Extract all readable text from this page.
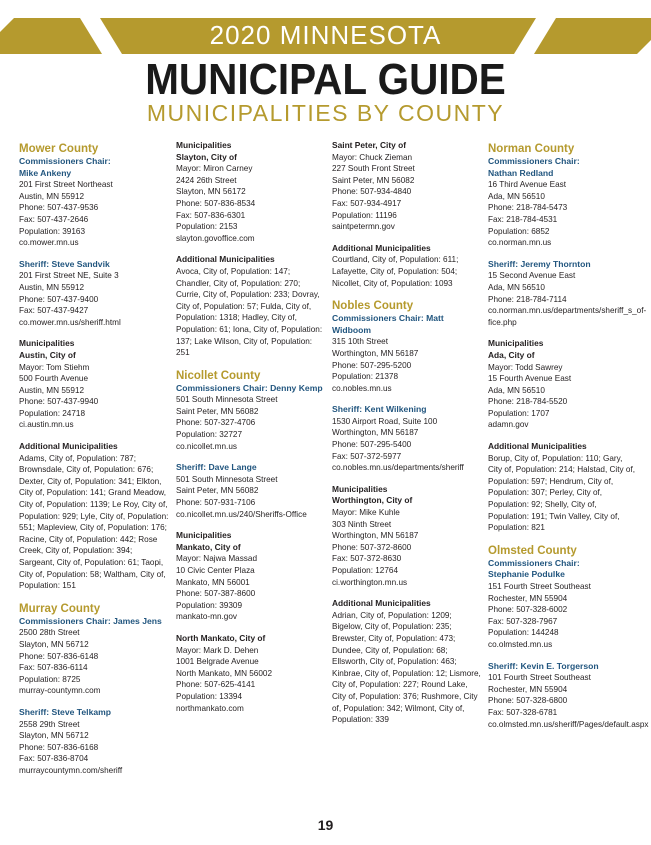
2020 MINNESOTA
MUNICIPAL GUIDE
MUNICIPALITIES BY COUNTY
Mower County
Commissioners Chair:
Mike Ankeny
201 First Street Northeast
Austin, MN 55912
Phone: 507-437-9536
Fax: 507-437-2646
Population: 39163
co.mower.mn.us
Sheriff: Steve Sandvik
201 First Street NE, Suite 3
Austin, MN 55912
Phone: 507-437-9400
Fax: 507-437-9427
co.mower.mn.us/sheriff.html
Municipalities
Austin, City of
Mayor: Tom Stiehm
500 Fourth Avenue
Austin, MN 55912
Phone: 507-437-9940
Population: 24718
ci.austin.mn.us
Additional Municipalities
Adams, City of, Population: 787; Brownsdale, City of, Population: 676; Dexter, City of, Population: 341; Elkton, City of, Population: 141; Grand Meadow, City of, Population: 1139; Le Roy, City of, Population: 929; Lyle, City of, Population: 551; Mapleview, City of, Population: 176; Racine, City of, Population: 442; Rose Creek, City of, Population: 394; Sargeant, City of, Population: 61; Taopi, City of, Population: 58; Waltham, City of, Population: 151
Murray County
Commissioners Chair: James Jens
2500 28th Street
Slayton, MN 56712
Phone: 507-836-6148
Fax: 507-836-6114
Population: 8725
murray-countymn.com
Sheriff: Steve Telkamp
2558 29th Street
Slayton, MN 56712
Phone: 507-836-6168
Fax: 507-836-8704
murraycountymn.com/sheriff
Municipalities
Slayton, City of
Mayor: Miron Carney
2424 26th Street
Slayton, MN 56172
Phone: 507-836-8534
Fax: 507-836-6301
Population: 2153
slayton.govoffice.com
Additional Municipalities
Avoca, City of, Population: 147; Chandler, City of, Population: 270; Currie, City of, Population: 233; Dovray, City of, Population: 57; Fulda, City of, Population: 1318; Hadley, City of, Population: 61; Iona, City of, Population: 137; Lake Wilson, City of, Population: 251
Nicollet County
Commissioners Chair: Denny Kemp
501 South Minnesota Street
Saint Peter, MN 56082
Phone: 507-327-4706
Population: 32727
co.nicollet.mn.us
Sheriff: Dave Lange
501 South Minnesota Street
Saint Peter, MN 56082
Phone: 507-931-7106
co.nicollet.mn.us/240/Sheriffs-Office
Municipalities
Mankato, City of
Mayor: Najwa Massad
10 Civic Center Plaza
Mankato, MN 56001
Phone: 507-387-8600
Population: 39309
mankato-mn.gov
North Mankato, City of
Mayor: Mark D. Dehen
1001 Belgrade Avenue
North Mankato, MN 56002
Phone: 507-625-4141
Population: 13394
northmankato.com
Saint Peter, City of
Mayor: Chuck Zieman
227 South Front Street
Saint Peter, MN 56082
Phone: 507-934-4840
Fax: 507-934-4917
Population: 11196
saintpetermn.gov
Additional Municipalities
Courtland, City of, Population: 611; Lafayette, City of, Population: 504; Nicollet, City of, Population: 1093
Nobles County
Commissioners Chair: Matt Widboom
315 10th Street
Worthington, MN 56187
Phone: 507-295-5200
Population: 21378
co.nobles.mn.us
Sheriff: Kent Wilkening
1530 Airport Road, Suite 100
Worthington, MN 56187
Phone: 507-295-5400
Fax: 507-372-5977
co.nobles.mn.us/departments/sheriff
Municipalities
Worthington, City of
Mayor: Mike Kuhle
303 Ninth Street
Worthington, MN 56187
Phone: 507-372-8600
Fax: 507-372-8630
Population: 12764
ci.worthington.mn.us
Additional Municipalities
Adrian, City of, Population: 1209; Bigelow, City of, Population: 235; Brewster, City of, Population: 473; Dundee, City of, Population: 68; Ellsworth, City of, Population: 463; Kinbrae, City of, Population: 12; Lismore, City of, Population: 227; Round Lake, City of, Population: 376; Rushmore, City of, Population: 342; Wilmont, City of, Population: 339
Norman County
Commissioners Chair:
Nathan Redland
16 Third Avenue East
Ada, MN 56510
Phone: 218-784-5473
Fax: 218-784-4531
Population: 6852
co.norman.mn.us
Sheriff: Jeremy Thornton
15 Second Avenue East
Ada, MN 56510
Phone: 218-784-7114
co.norman.mn.us/departments/sheriff_s_of-fice.php
Municipalities
Ada, City of
Mayor: Todd Sawrey
15 Fourth Avenue East
Ada, MN 56510
Phone: 218-784-5520
Population: 1707
adamn.gov
Additional Municipalities
Borup, City of, Population: 110; Gary, City of, Population: 214; Halstad, City of, Population: 597; Hendrum, City of, Population: 307; Perley, City of, Population: 92; Shelly, City of, Population: 191; Twin Valley, City of, Population: 821
Olmsted County
Commissioners Chair:
Stephanie Podulke
151 Fourth Street Southeast
Rochester, MN 55904
Phone: 507-328-6002
Fax: 507-328-7967
Population: 144248
co.olmsted.mn.us
Sheriff: Kevin E. Torgerson
101 Fourth Street Southeast
Rochester, MN 55904
Phone: 507-328-6800
Fax: 507-328-6781
co.olmsted.mn.us/sheriff/Pages/default.aspx
19
